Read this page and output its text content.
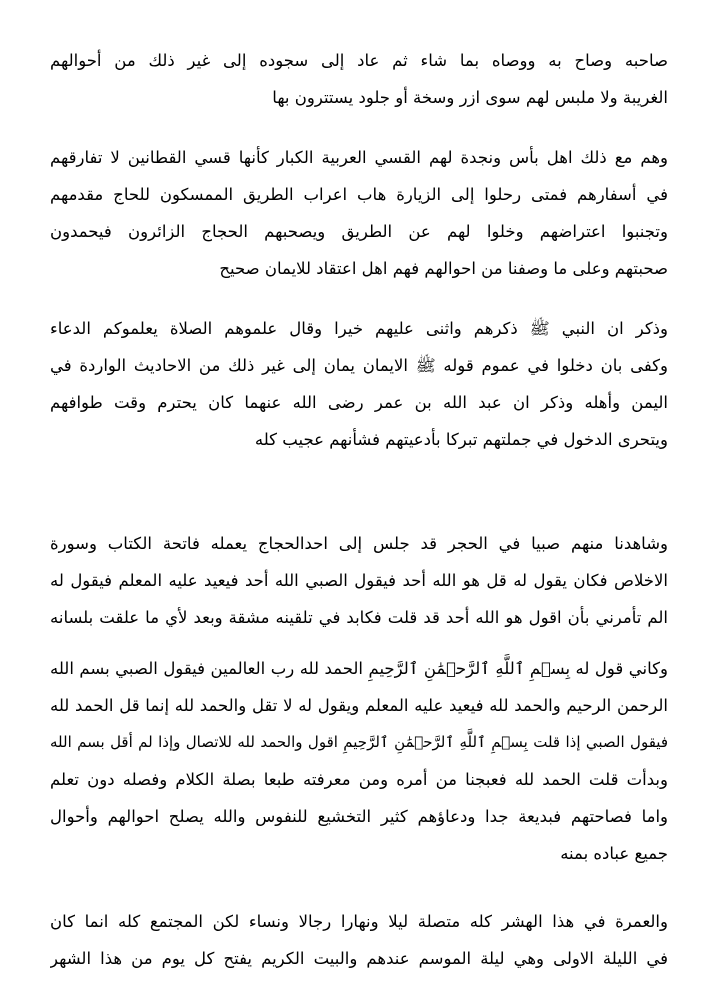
صاحبه وصاح به ووصاه بما شاء ثم عاد إلى سجوده إلى غير ذلك من أحوالهم
الغريبة ولا ملبس لهم سوى ازر وسخة أو جلود يستترون بها

وهم مع ذلك اهل بأس ونجدة لهم القسي العربية الكبار كأنها قسي القطانين لا تفارقهم
في أسفارهم فمتى رحلوا إلى الزيارة هاب اعراب الطريق الممسكون للحاج مقدمهم
وتجنبوا اعتراضهم وخلوا لهم عن الطريق ويصحبهم الحجاج الزائرون فيحمدون
صحبتهم وعلى ما وصفنا من احوالهم فهم اهل اعتقاد للايمان صحيح

وذكر ان النبي ﷺ ذكرهم واثنى عليهم خيرا وقال علموهم الصلاة يعلموكم الدعاء
وكفى بان دخلوا في عموم قوله ﷺ الايمان يمان إلى غير ذلك من الاحاديث الواردة في
اليمن وأهله وذكر ان عبد الله بن عمر رضى الله عنهما كان يحترم وقت طوافهم
ويتحرى الدخول في جملتهم تبركا بأدعيتهم فشأنهم عجيب كله

وشاهدنا منهم صبيا في الحجر قد جلس إلى احدالحجاج يعمله فاتحة الكتاب وسورة
الاخلاص فكان يقول له قل هو الله أحد فيقول الصبي الله أحد فيعيد عليه المعلم فيقول له
الم تأمرني بأن اقول هو الله أحد قد قلت فكابد في تلقينه مشقة وبعد لأي ما علقت بلسانه

وكاني قول له بِسۡمِ ٱللَّهِ ٱلرَّحۡمَٰنِ ٱلرَّحِيمِ الحمد لله رب العالمين فيقول الصبي بسم الله
الرحمن الرحيم والحمد لله فيعيد عليه المعلم ويقول له لا تقل والحمد لله إنما قل الحمد لله
فيقول الصبي إذا قلت بِسۡمِ ٱللَّهِ ٱلرَّحۡمَٰنِ ٱلرَّحِيمِ اقول والحمد لله للاتصال وإذا لم أقل بسم الله
وبدأت قلت الحمد لله فعبجنا من أمره ومن معرفته طبعا بصلة الكلام وفصله دون تعلم
واما فصاحتهم فبديعة جدا ودعاؤهم كثير التخشيع للنفوس والله يصلح احوالهم وأحوال
جميع عباده بمنه

والعمرة في هذا الهشر كله متصلة ليلا ونهارا رجالا ونساء لكن المجتمع كله انما كان
في الليلة الاولى وهي ليلة الموسم عندهم والبيت الكريم يفتح كل يوم من هذا الشهر
